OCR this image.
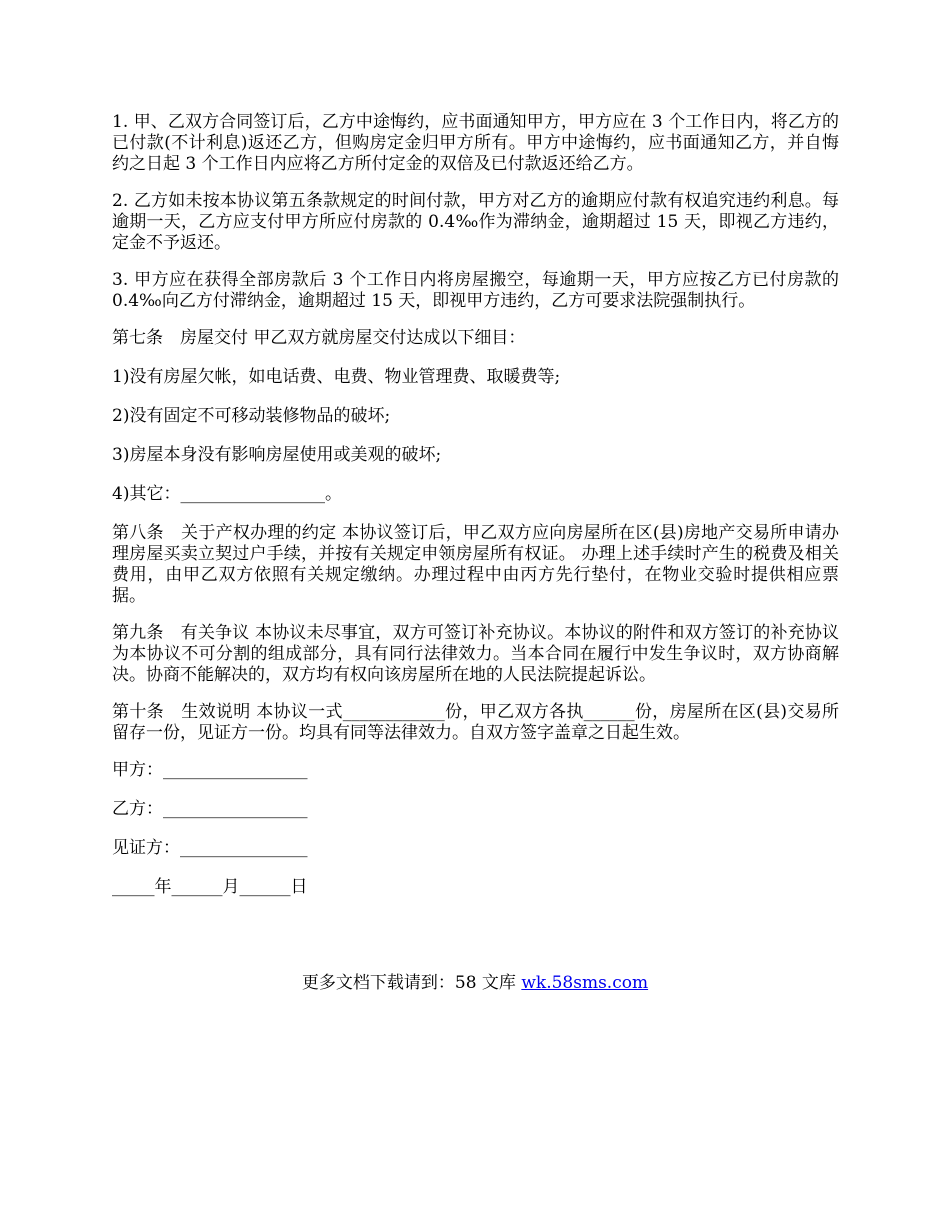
1. 甲、乙双方合同签订后，乙方中途悔约，应书面通知甲方，甲方应在 3 个工作日内，将乙方的已付款(不计利息)返还乙方，但购房定金归甲方所有。甲方中途悔约，应书面通知乙方，并自悔约之日起 3 个工作日内应将乙方所付定金的双倍及已付款返还给乙方。

2. 乙方如未按本协议第五条款规定的时间付款，甲方对乙方的逾期应付款有权追究违约利息。每逾期一天，乙方应支付甲方所应付房款的 0.4‰作为滞纳金，逾期超过 15 天，即视乙方违约，定金不予返还。

3. 甲方应在获得全部房款后 3 个工作日内将房屋搬空，每逾期一天，甲方应按乙方已付房款的 0.4‰向乙方付滞纳金，逾期超过 15 天，即视甲方违约，乙方可要求法院强制执行。

第七条　房屋交付 甲乙双方就房屋交付达成以下细目：

1)没有房屋欠帐，如电话费、电费、物业管理费、取暖费等;

2)没有固定不可移动装修物品的破坏;

3)房屋本身没有影响房屋使用或美观的破坏;

4)其它：_________________。

第八条　关于产权办理的约定 本协议签订后，甲乙双方应向房屋所在区(县)房地产交易所申请办理房屋买卖立契过户手续，并按有关规定申领房屋所有权证。 办理上述手续时产生的税费及相关费用，由甲乙双方依照有关规定缴纳。办理过程中由丙方先行垫付，在物业交验时提供相应票据。

第九条　有关争议 本协议未尽事宜，双方可签订补充协议。本协议的附件和双方签订的补充协议为本协议不可分割的组成部分，具有同行法律效力。当本合同在履行中发生争议时，双方协商解决。协商不能解决的，双方均有权向该房屋所在地的人民法院提起诉讼。

第十条　生效说明 本协议一式____________份，甲乙双方各执______份，房屋所在区(县)交易所留存一份，见证方一份。均具有同等法律效力。自双方签字盖章之日起生效。

甲方：_________________

乙方：_________________

见证方：_______________

_____年______月______日

更多文档下载请到：58 文库 wk.58sms.com
